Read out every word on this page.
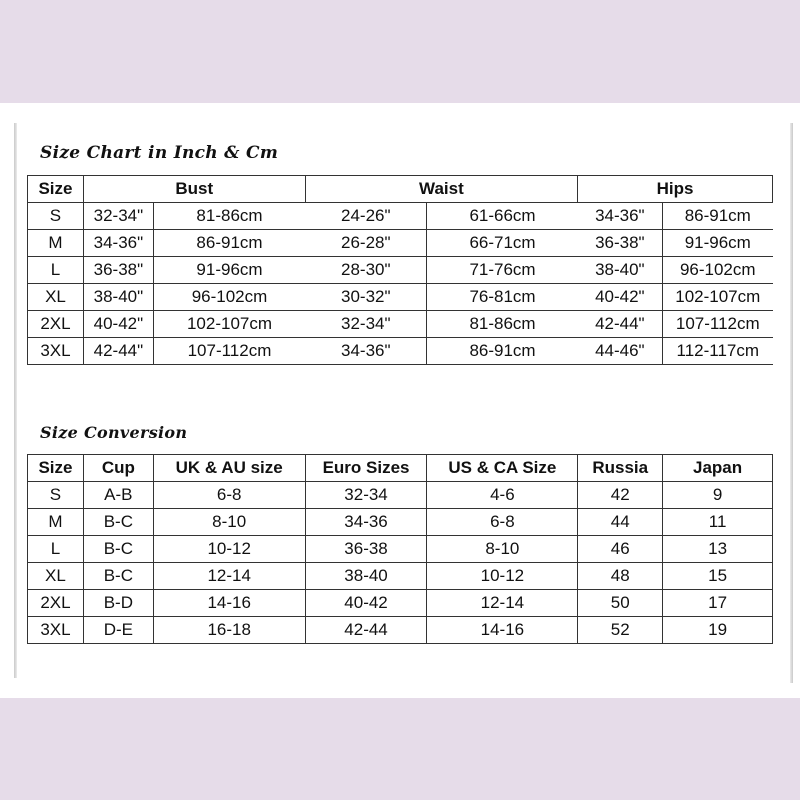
Size Chart in Inch & Cm
Size	Bust		Waist		Hips	
S	32-34"	81-86cm	24-26"	61-66cm	34-36"	86-91cm
M	34-36"	86-91cm	26-28"	66-71cm	36-38"	91-96cm
L	36-38"	91-96cm	28-30"	71-76cm	38-40"	96-102cm
XL	38-40"	96-102cm	30-32"	76-81cm	40-42"	102-107cm
2XL	40-42"	102-107cm	32-34"	81-86cm	42-44"	107-112cm
3XL	42-44"	107-112cm	34-36"	86-91cm	44-46"	112-117cm
Size Conversion
Size	Cup	UK & AU size	Euro Sizes	US & CA Size	Russia	Japan
S	A-B	6-8	32-34	4-6	42	9
M	B-C	8-10	34-36	6-8	44	11
L	B-C	10-12	36-38	8-10	46	13
XL	B-C	12-14	38-40	10-12	48	15
2XL	B-D	14-16	40-42	12-14	50	17
3XL	D-E	16-18	42-44	14-16	52	19
